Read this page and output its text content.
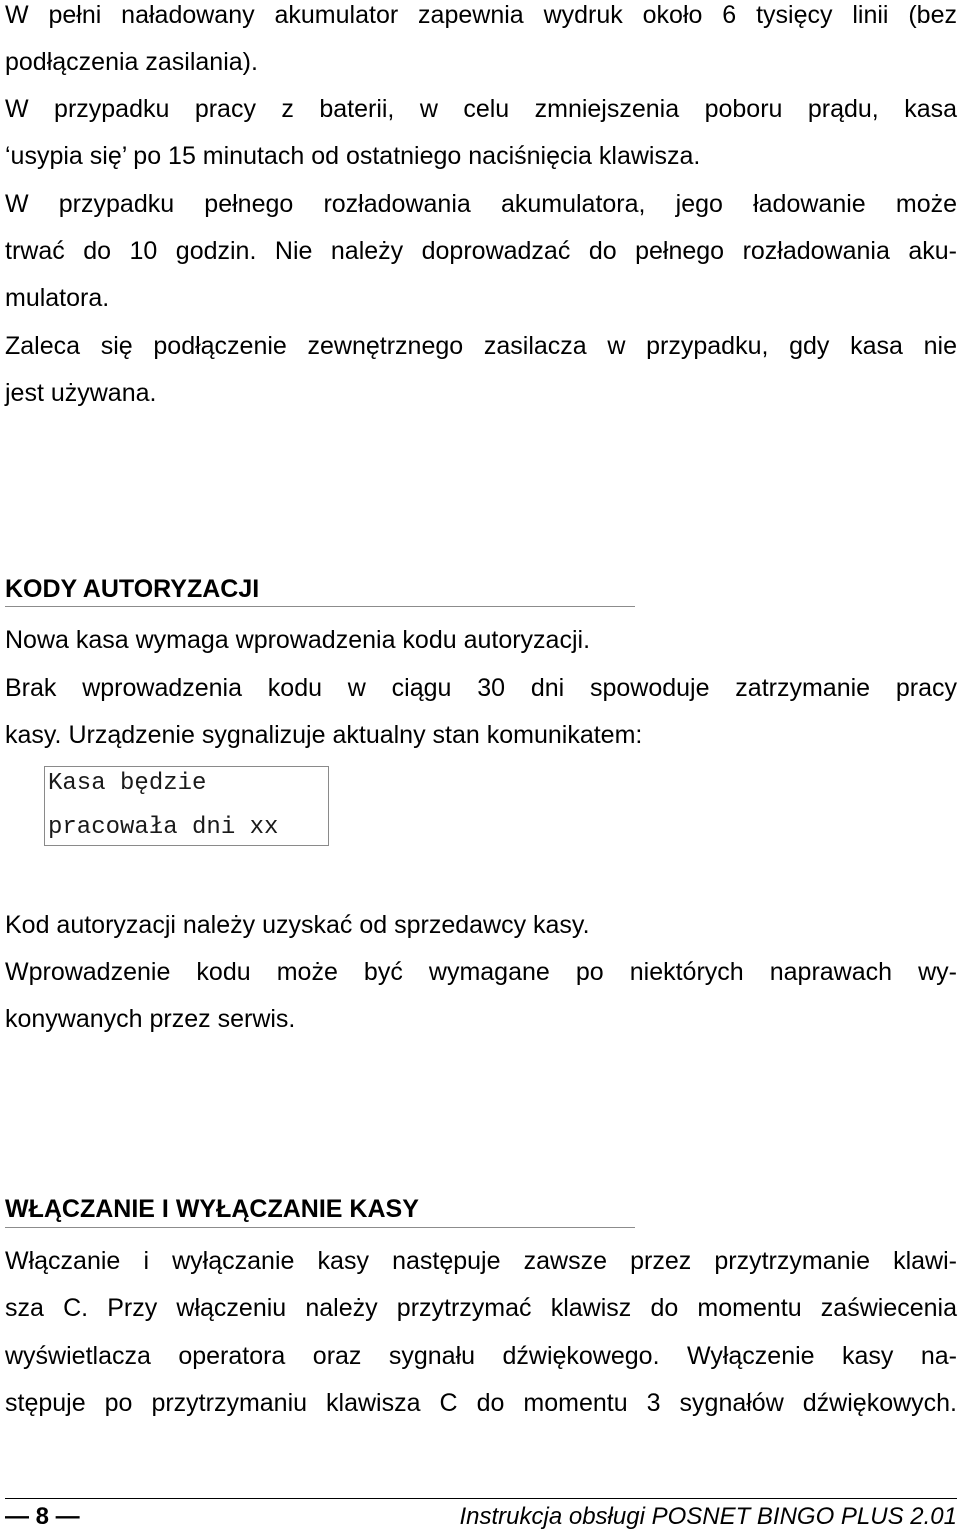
W pełni naładowany akumulator zapewnia wydruk około 6 tysięcy linii (bez
podłączenia zasilania).
W przypadku pracy z baterii, w celu zmniejszenia poboru prądu, kasa
‘usypia się’ po 15 minutach od ostatniego naciśnięcia klawisza.
W przypadku pełnego rozładowania akumulatora, jego ładowanie może
trwać do 10 godzin. Nie należy doprowadzać do pełnego rozładowania aku-
mulatora.
Zaleca się podłączenie zewnętrznego zasilacza w przypadku, gdy kasa nie
jest używana.
KODY AUTORYZACJI
Nowa kasa wymaga wprowadzenia kodu autoryzacji.
Brak wprowadzenia kodu w ciągu 30 dni spowoduje zatrzymanie pracy
kasy. Urządzenie sygnalizuje aktualny stan komunikatem:
Kasa będzie
pracowała dni xx
Kod autoryzacji należy uzyskać od sprzedawcy kasy.
Wprowadzenie kodu może być wymagane po niektórych naprawach wy-
konywanych przez serwis.
WŁĄCZANIE I WYŁĄCZANIE KASY
Włączanie i wyłączanie kasy następuje zawsze przez przytrzymanie klawi-
sza C. Przy włączeniu należy przytrzymać klawisz do momentu zaświecenia
wyświetlacza operatora oraz sygnału dźwiękowego. Wyłączenie kasy na-
stępuje po przytrzymaniu klawisza C do momentu 3 sygnałów dźwiękowych.
— 8 —	Instrukcja obsługi POSNET BINGO PLUS 2.01
